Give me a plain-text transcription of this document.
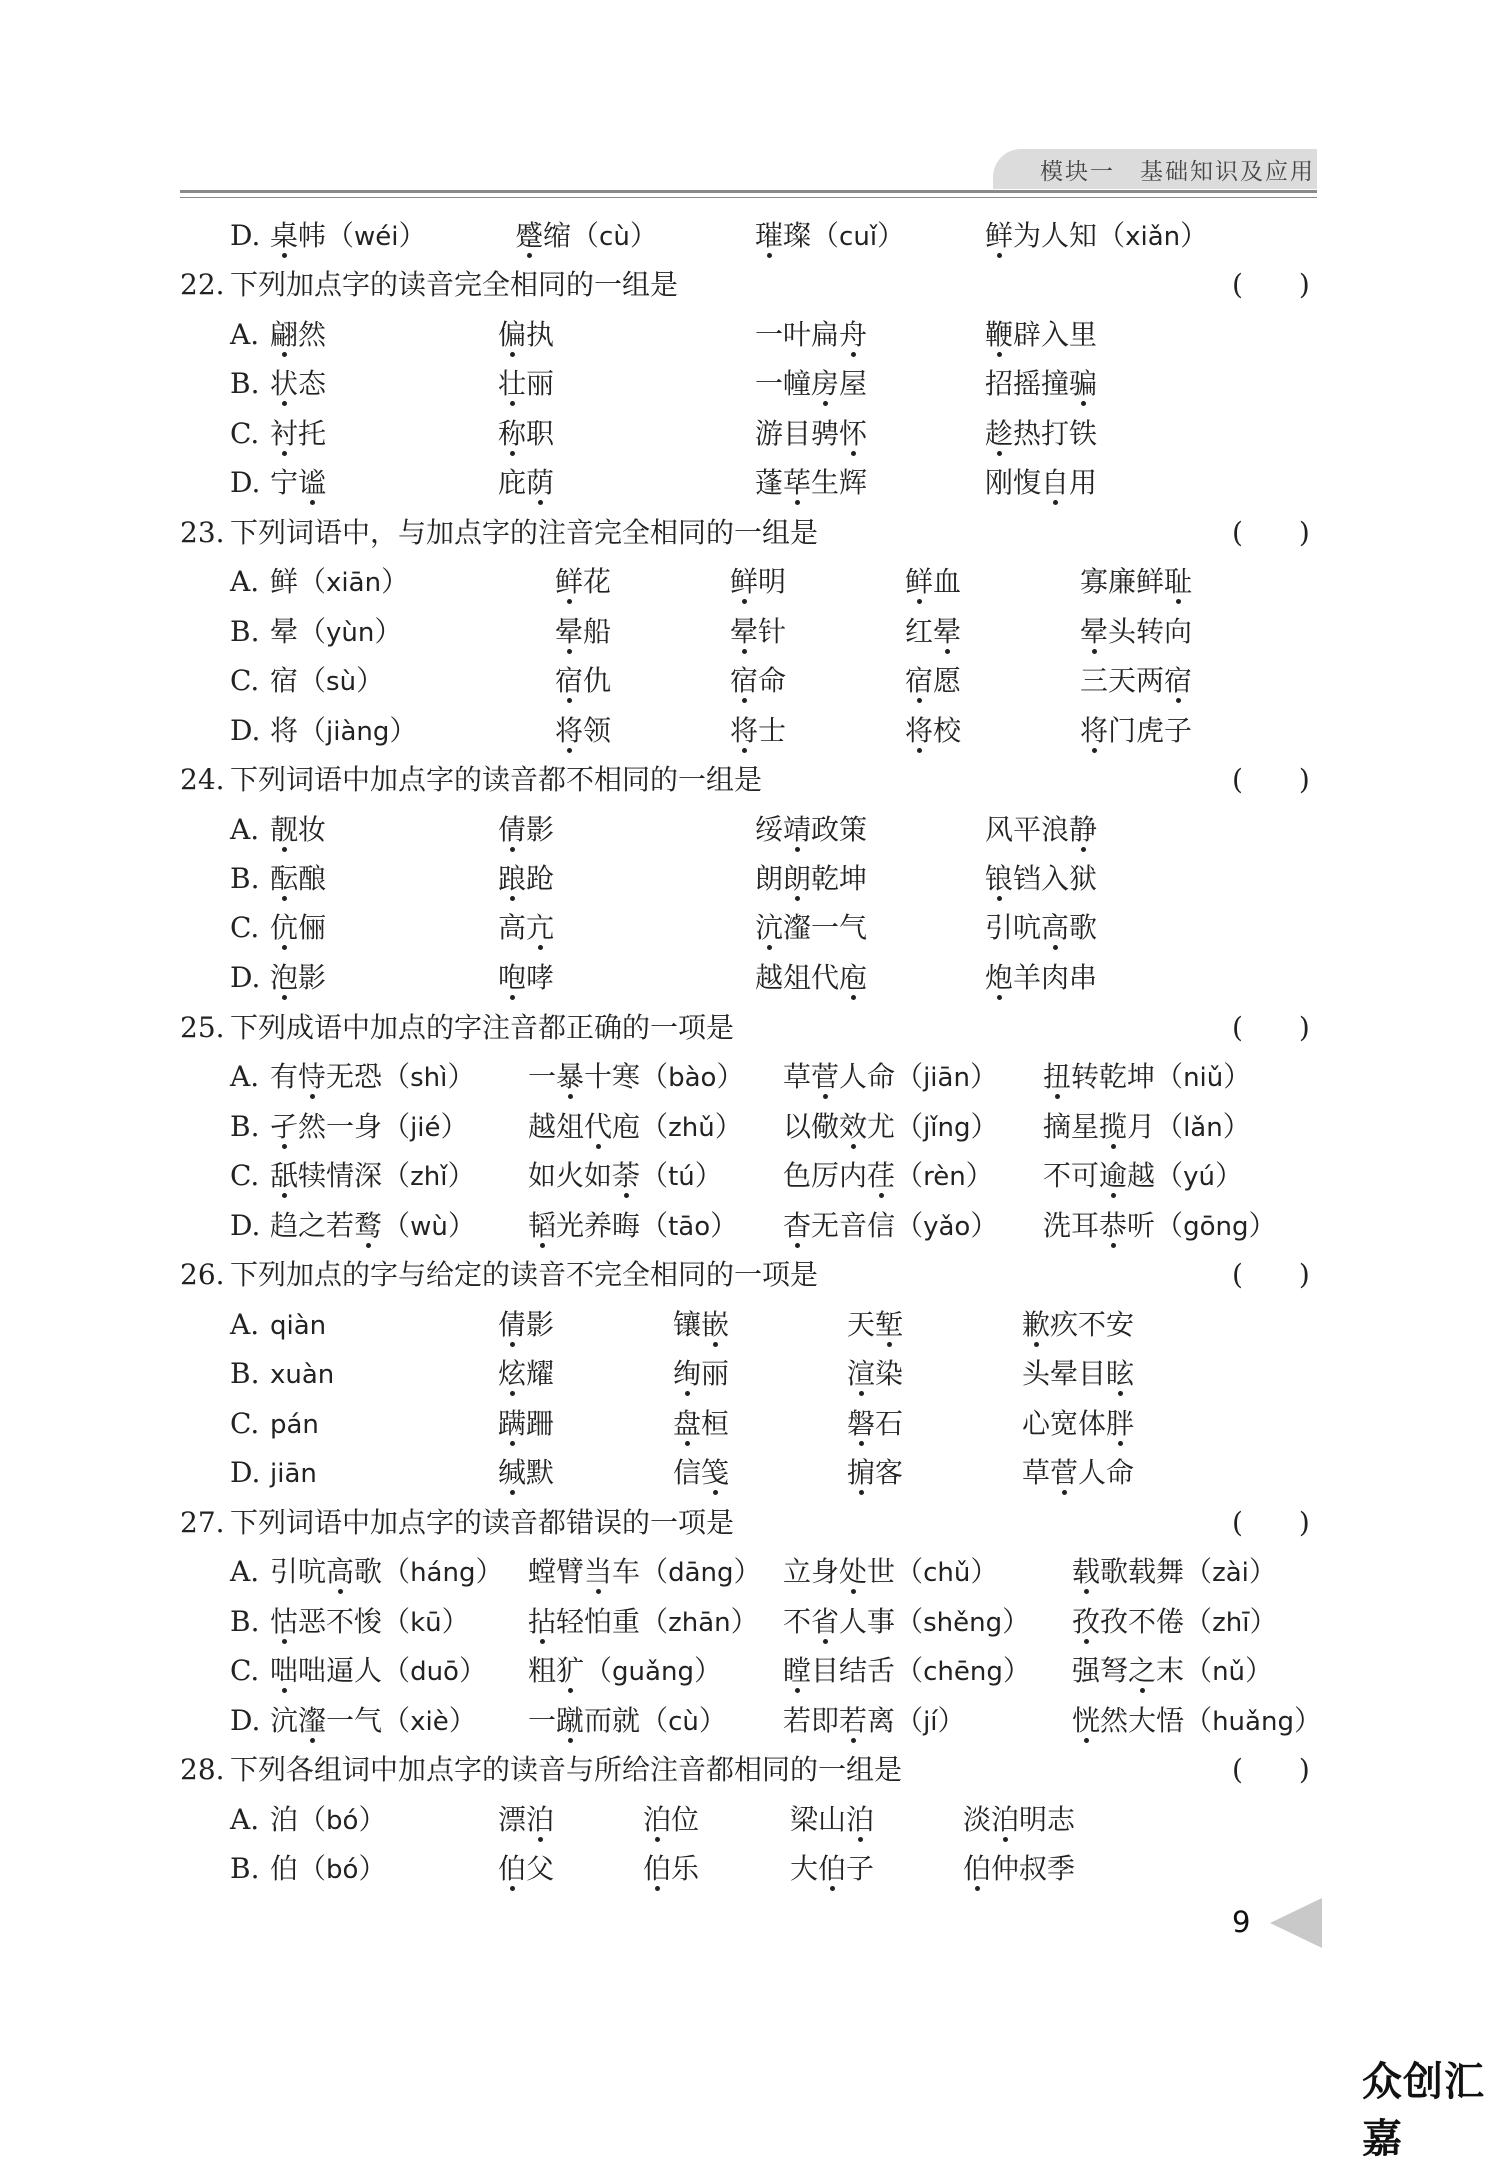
模块一　基础知识及应用
D. 桌帏（wéi）	蹙缩（cù）	璀璨（cuǐ）	鲜为人知（xiǎn）
22. 下列加点字的读音完全相同的一组是	(　　)
A. 翩然	偏执	一叶扁舟	鞭辟入里
B. 状态	壮丽	一幢房屋	招摇撞骗
C. 衬托	称职	游目骋怀	趁热打铁
D. 宁谧	庇荫	蓬荜生辉	刚愎自用
23. 下列词语中，与加点字的注音完全相同的一组是	(　　)
A. 鲜（xiān）	鲜花	鲜明	鲜血	寡廉鲜耻
B. 晕（yùn）	晕船	晕针	红晕	晕头转向
C. 宿（sù）	宿仇	宿命	宿愿	三天两宿
D. 将（jiàng）	将领	将士	将校	将门虎子
24. 下列词语中加点字的读音都不相同的一组是	(　　)
A. 靓妆	倩影	绥靖政策	风平浪静
B. 酝酿	踉跄	朗朗乾坤	锒铛入狱
C. 伉俪	高亢	沆瀣一气	引吭高歌
D. 泡影	咆哮	越俎代庖	炮羊肉串
25. 下列成语中加点的字注音都正确的一项是	(　　)
A. 有恃无恐（shì） 一暴十寒（bào） 草菅人命（jiān） 扭转乾坤（niǔ）
B. 孑然一身（jié） 越俎代庖（zhǔ） 以儆效尤（jǐng） 摘星揽月（lǎn）
C. 舐犊情深（zhǐ） 如火如荼（tú） 色厉内荏（rèn） 不可逾越（yú）
D. 趋之若鹜（wù） 韬光养晦（tāo） 杳无音信（yǎo） 洗耳恭听（gōng）
26. 下列加点的字与给定的读音不完全相同的一项是	(　　)
A. qiàn	倩影	镶嵌	天堑	歉疚不安
B. xuàn	炫耀	绚丽	渲染	头晕目眩
C. pán	蹒跚	盘桓	磐石	心宽体胖
D. jiān	缄默	信笺	掮客	草菅人命
27. 下列词语中加点字的读音都错误的一项是	(　　)
A. 引吭高歌（háng） 螳臂当车（dāng） 立身处世（chǔ）	载歌载舞（zài）
B. 怙恶不悛（kū） 拈轻怕重（zhān） 不省人事（shěng） 孜孜不倦（zhī）
C. 咄咄逼人（duō） 粗犷（guǎng） 瞠目结舌（chēng） 强弩之末（nǔ）
D. 沆瀣一气（xiè） 一蹴而就（cù） 若即若离（jí）	恍然大悟（huǎng）
28. 下列各组词中加点字的读音与所给注音都相同的一组是	(　　)
A. 泊（bó）	漂泊	泊位	梁山泊	淡泊明志
B. 伯（bó）	伯父	伯乐	大伯子	伯仲叔季
9
众创汇嘉
